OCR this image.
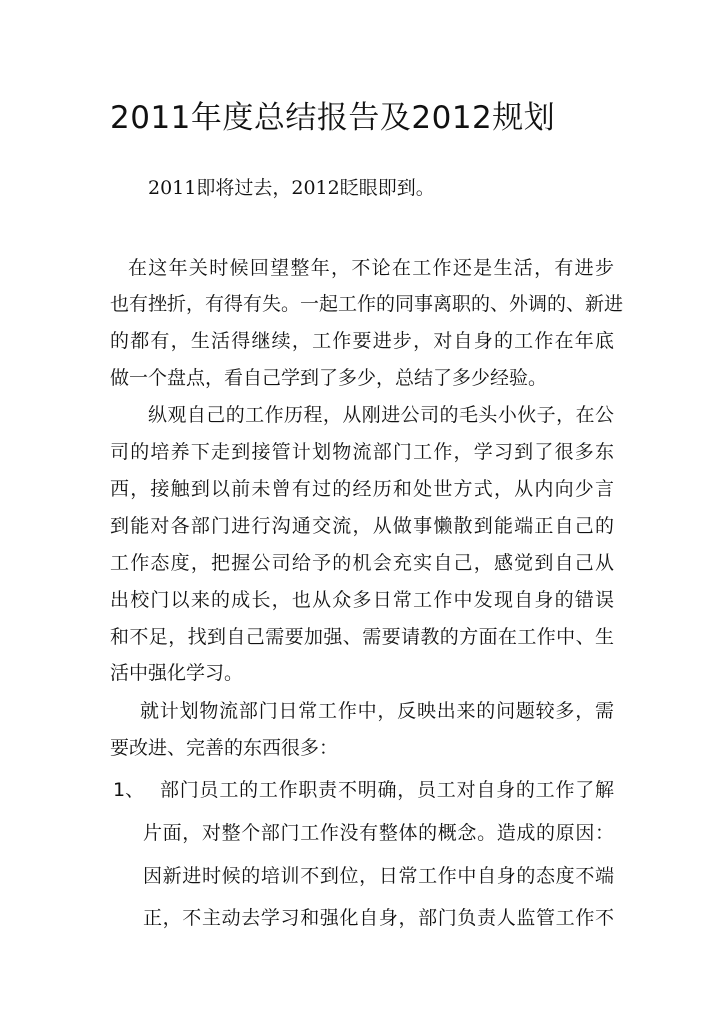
2011年度总结报告及2012规划
2011即将过去，2012眨眼即到。
在这年关时候回望整年，不论在工作还是生活，有进步
也有挫折，有得有失。一起工作的同事离职的、外调的、新进
的都有，生活得继续，工作要进步，对自身的工作在年底
做一个盘点，看自己学到了多少，总结了多少经验。
纵观自己的工作历程，从刚进公司的毛头小伙子，在公
司的培养下走到接管计划物流部门工作，学习到了很多东
西，接触到以前未曾有过的经历和处世方式，从内向少言
到能对各部门进行沟通交流，从做事懒散到能端正自己的
工作态度，把握公司给予的机会充实自己，感觉到自己从
出校门以来的成长，也从众多日常工作中发现自身的错误
和不足，找到自己需要加强、需要请教的方面在工作中、生
活中强化学习。
就计划物流部门日常工作中，反映出来的问题较多，需
要改进、完善的东西很多：
1、 部门员工的工作职责不明确，员工对自身的工作了解
片面，对整个部门工作没有整体的概念。造成的原因：
因新进时候的培训不到位，日常工作中自身的态度不端
正，不主动去学习和强化自身，部门负责人监管工作不
